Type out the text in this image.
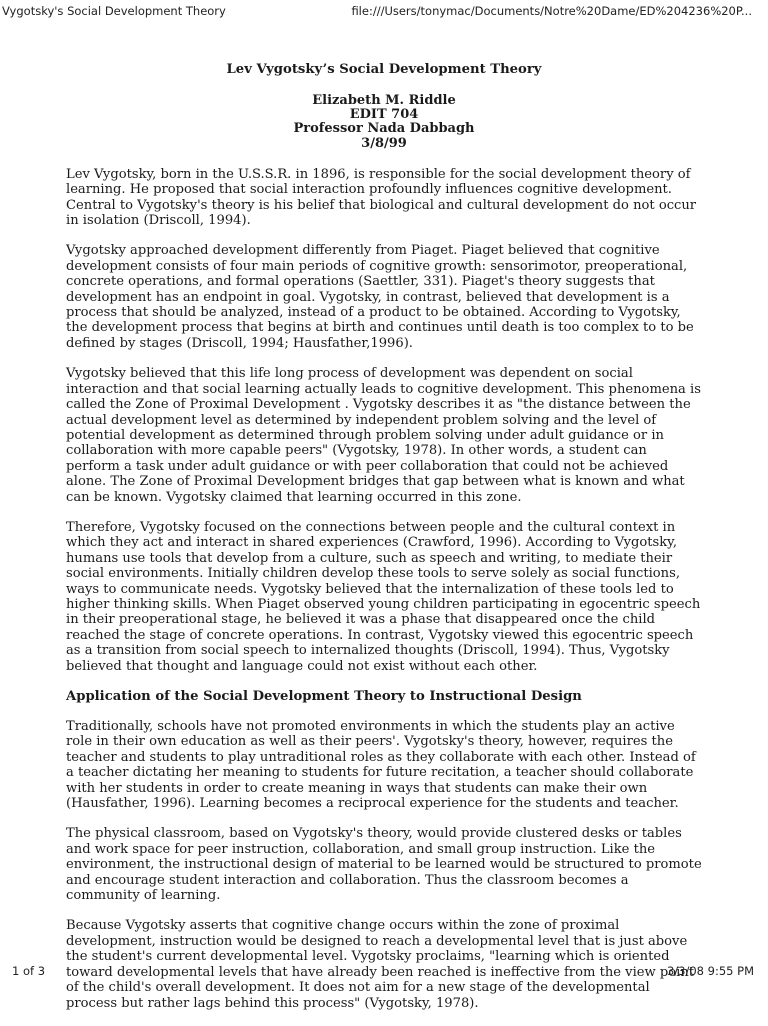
Vygotsky's Social Development Theory	file:///Users/tonymac/Documents/Notre%20Dame/ED%204236%20P...
Lev Vygotsky’s Social Development Theory
Elizabeth M. Riddle
EDIT 704
Professor Nada Dabbagh
3/8/99

Lev Vygotsky, born in the U.S.S.R. in 1896, is responsible for the social development theory of learning. He proposed that social interaction profoundly influences cognitive development. Central to Vygotsky's theory is his belief that biological and cultural development do not occur in isolation (Driscoll, 1994).

Vygotsky approached development differently from Piaget. Piaget believed that cognitive development consists of four main periods of cognitive growth: sensorimotor, preoperational, concrete operations, and formal operations (Saettler, 331). Piaget's theory suggests that development has an endpoint in goal. Vygotsky, in contrast, believed that development is a process that should be analyzed, instead of a product to be obtained. According to Vygotsky, the development process that begins at birth and continues until death is too complex to to be defined by stages (Driscoll, 1994; Hausfather,1996).

Vygotsky believed that this life long process of development was dependent on social interaction and that social learning actually leads to cognitive development. This phenomena is called the Zone of Proximal Development . Vygotsky describes it as "the distance between the actual development level as determined by independent problem solving and the level of potential development as determined through problem solving under adult guidance or in collaboration with more capable peers" (Vygotsky, 1978). In other words, a student can perform a task under adult guidance or with peer collaboration that could not be achieved alone. The Zone of Proximal Development bridges that gap between what is known and what can be known. Vygotsky claimed that learning occurred in this zone.

Therefore, Vygotsky focused on the connections between people and the cultural context in which they act and interact in shared experiences (Crawford, 1996). According to Vygotsky, humans use tools that develop from a culture, such as speech and writing, to mediate their social environments. Initially children develop these tools to serve solely as social functions, ways to communicate needs. Vygotsky believed that the internalization of these tools led to higher thinking skills. When Piaget observed young children participating in egocentric speech in their preoperational stage, he believed it was a phase that disappeared once the child reached the stage of concrete operations. In contrast, Vygotsky viewed this egocentric speech as a transition from social speech to internalized thoughts (Driscoll, 1994). Thus, Vygotsky believed that thought and language could not exist without each other.

Application of the Social Development Theory to Instructional Design

Traditionally, schools have not promoted environments in which the students play an active role in their own education as well as their peers'. Vygotsky's theory, however, requires the teacher and students to play untraditional roles as they collaborate with each other. Instead of a teacher dictating her meaning to students for future recitation, a teacher should collaborate with her students in order to create meaning in ways that students can make their own (Hausfather, 1996). Learning becomes a reciprocal experience for the students and teacher.

The physical classroom, based on Vygotsky's theory, would provide clustered desks or tables and work space for peer instruction, collaboration, and small group instruction. Like the environment, the instructional design of material to be learned would be structured to promote and encourage student interaction and collaboration. Thus the classroom becomes a community of learning.

Because Vygotsky asserts that cognitive change occurs within the zone of proximal development, instruction would be designed to reach a developmental level that is just above the student's current developmental level. Vygotsky proclaims, "learning which is oriented toward developmental levels that have already been reached is ineffective from the view point of the child's overall development. It does not aim for a new stage of the developmental process but rather lags behind this process" (Vygotsky, 1978).

1 of 3	3/3/08 9:55 PM
